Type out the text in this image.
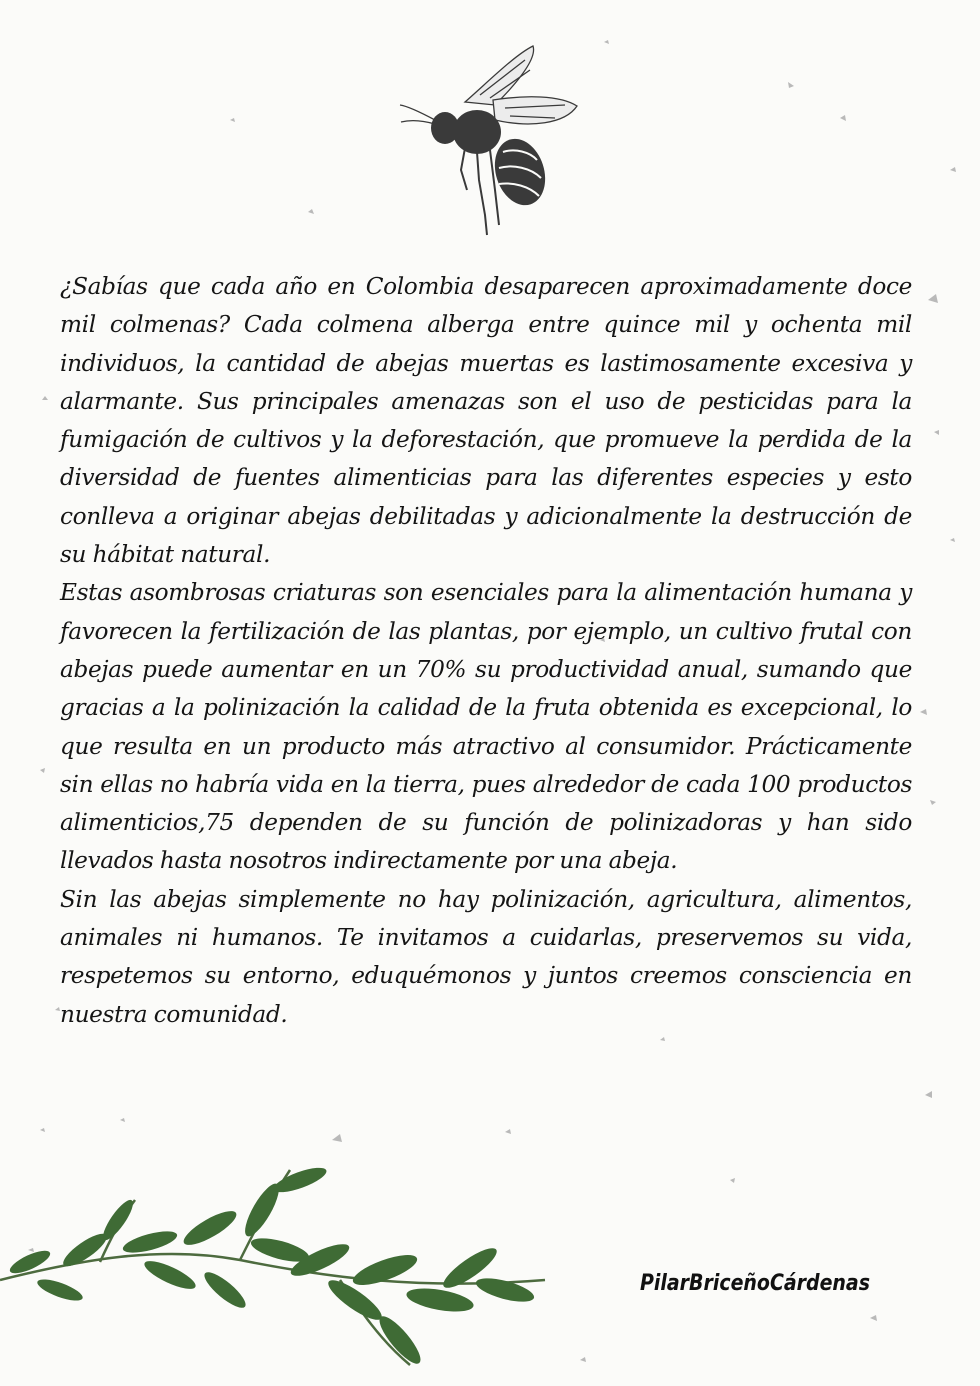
¿Sabías que cada año en Colombia desaparecen aproximadamente doce mil colmenas? Cada colmena alberga entre quince mil y ochenta mil individuos, la cantidad de abejas muertas es lastimosamente excesiva y alarmante. Sus principales amenazas son el uso de pesticidas para la fumigación de cultivos y la deforestación, que promueve la perdida de la diversidad de fuentes alimenticias para las diferentes especies y esto conlleva a originar abejas debilitadas y adicionalmente la destrucción de su hábitat natural.

Estas asombrosas criaturas son esenciales para la alimentación humana y favorecen la fertilización de las plantas, por ejemplo, un cultivo frutal con abejas puede aumentar en un 70% su productividad anual, sumando que gracias a la polinización la calidad de la fruta obtenida es excepcional, lo que resulta en un producto más atractivo al consumidor. Prácticamente sin ellas no habría vida en la tierra, pues alrededor de cada 100 productos alimenticios,75 dependen de su función de polinizadoras y han sido llevados hasta nosotros indirectamente por una abeja.

Sin las abejas simplemente no hay polinización, agricultura, alimentos, animales ni humanos. Te invitamos a cuidarlas, preservemos su vida, respetemos su entorno, eduquémonos y juntos creemos consciencia en nuestra comunidad.

PilarBriceñoCárdenas
